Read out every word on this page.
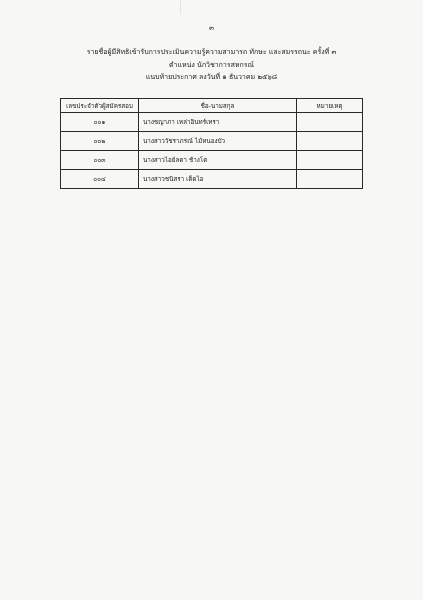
๓
รายชื่อผู้มีสิทธิเข้ารับการประเมินความรู้ความสามารถ ทักษะ และสมรรถนะ ครั้งที่ ๓
ตำแหน่ง นักวิชาการสหกรณ์
แนบท้ายประกาศ ลงวันที่ ๑ ธันวาคม ๒๕๖๘
เลขประจำตัวผู้สมัครสอบ	ชื่อ-นามสกุล	หมายเหตุ
๐๐๑	นางชญาภา เหล่าอินทร์เทรา	
๐๐๒	นางสาววัชราภรณ์ ไม้หนองบัว	
๐๐๓	นางสาวไอย์ลดา ช้างโต	
๐๐๔	นางสาวชนิสรา เต็ดไอ	
